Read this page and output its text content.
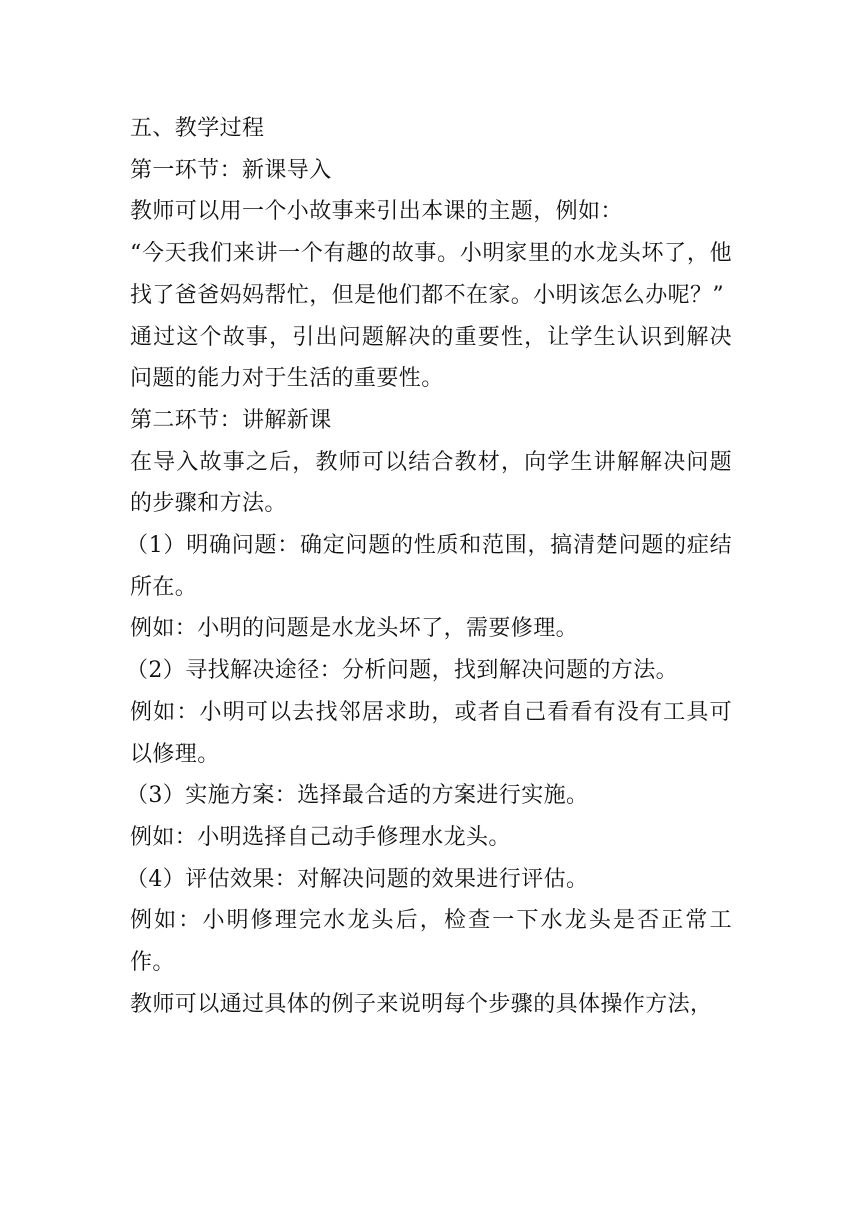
五、教学过程

第一环节：新课导入

教师可以用一个小故事来引出本课的主题，例如：

“今天我们来讲一个有趣的故事。小明家里的水龙头坏了，他找了爸爸妈妈帮忙，但是他们都不在家。小明该怎么办呢？”

通过这个故事，引出问题解决的重要性，让学生认识到解决问题的能力对于生活的重要性。

第二环节：讲解新课

在导入故事之后，教师可以结合教材，向学生讲解解决问题的步骤和方法。

（1）明确问题：确定问题的性质和范围，搞清楚问题的症结所在。

例如：小明的问题是水龙头坏了，需要修理。

（2）寻找解决途径：分析问题，找到解决问题的方法。

例如：小明可以去找邻居求助，或者自己看看有没有工具可以修理。

（3）实施方案：选择最合适的方案进行实施。

例如：小明选择自己动手修理水龙头。

（4）评估效果：对解决问题的效果进行评估。

例如：小明修理完水龙头后，检查一下水龙头是否正常工作。

教师可以通过具体的例子来说明每个步骤的具体操作方法，
